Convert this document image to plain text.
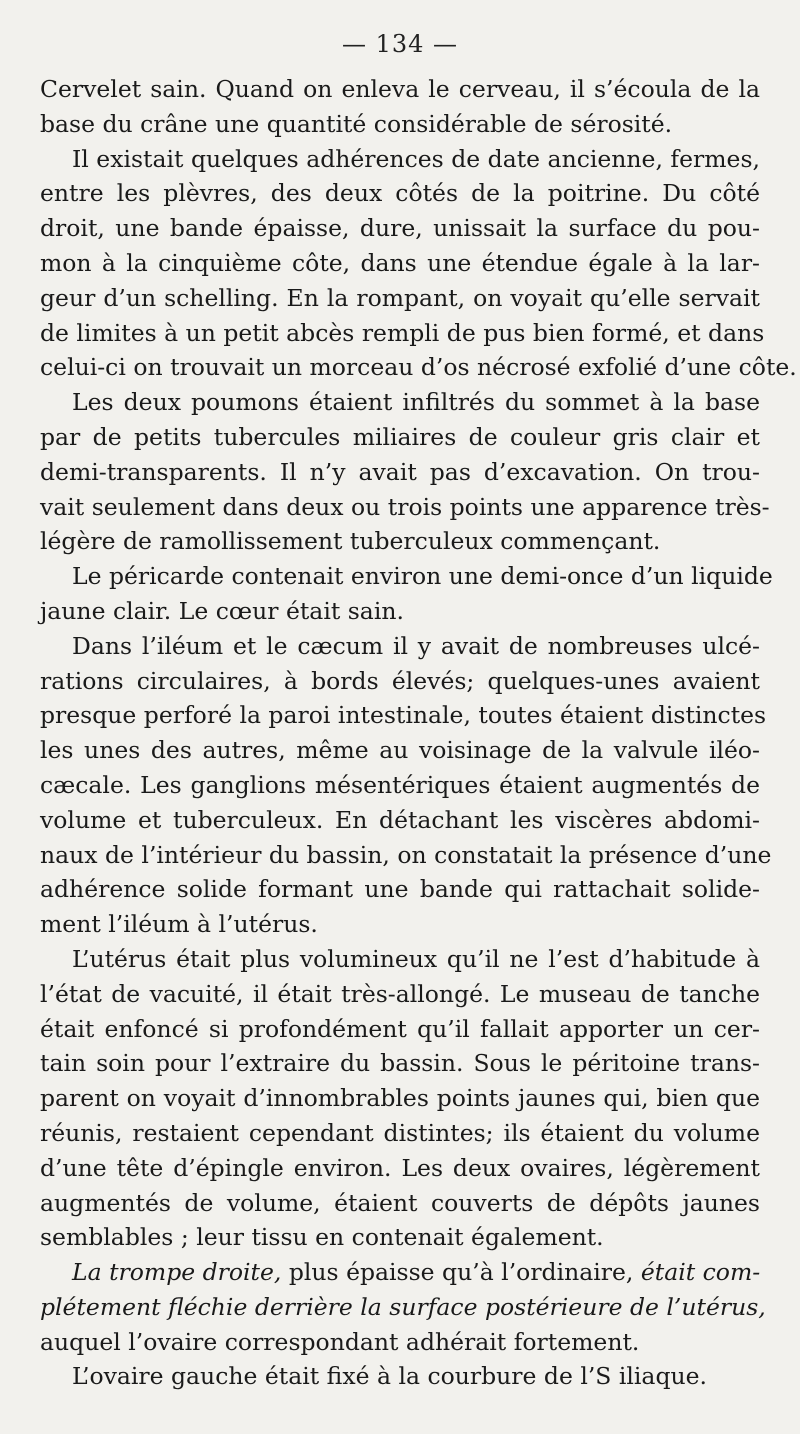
— 134 —
Cervelet sain. Quand on enleva le cerveau, il s’écoula de la
base du crâne une quantité considérable de sérosité.
Il existait quelques adhérences de date ancienne, fermes,
entre les plèvres, des deux côtés de la poitrine. Du côté
droit, une bande épaisse, dure, unissait la surface du pou-
mon à la cinquième côte, dans une étendue égale à la lar-
geur d’un schelling. En la rompant, on voyait qu’elle servait
de limites à un petit abcès rempli de pus bien formé, et dans
celui-ci on trouvait un morceau d’os nécrosé exfolié d’une côte.
Les deux poumons étaient infiltrés du sommet à la base
par de petits tubercules miliaires de couleur gris clair et
demi-transparents. Il n’y avait pas d’excavation. On trou-
vait seulement dans deux ou trois points une apparence très-
légère de ramollissement tuberculeux commençant.
Le péricarde contenait environ une demi-once d’un liquide
jaune clair. Le cœur était sain.
Dans l’iléum et le cæcum il y avait de nombreuses ulcé-
rations circulaires, à bords élevés; quelques-unes avaient
presque perforé la paroi intestinale, toutes étaient distinctes
les unes des autres, même au voisinage de la valvule iléo-
cæcale. Les ganglions mésentériques étaient augmentés de
volume et tuberculeux. En détachant les viscères abdomi-
naux de l’intérieur du bassin, on constatait la présence d’une
adhérence solide formant une bande qui rattachait solide-
ment l’iléum à l’utérus.
L’utérus était plus volumineux qu’il ne l’est d’habitude à
l’état de vacuité, il était très-allongé. Le museau de tanche
était enfoncé si profondément qu’il fallait apporter un cer-
tain soin pour l’extraire du bassin. Sous le péritoine trans-
parent on voyait d’innombrables points jaunes qui, bien que
réunis, restaient cependant distintes; ils étaient du volume
d’une tête d’épingle environ. Les deux ovaires, légèrement
augmentés de volume, étaient couverts de dépôts jaunes
semblables ; leur tissu en contenait également.
La trompe droite, plus épaisse qu’à l’ordinaire, était com-
plétement fléchie derrière la surface postérieure de l’utérus,
auquel l’ovaire correspondant adhérait fortement.
L’ovaire gauche était fixé à la courbure de l’S iliaque.
